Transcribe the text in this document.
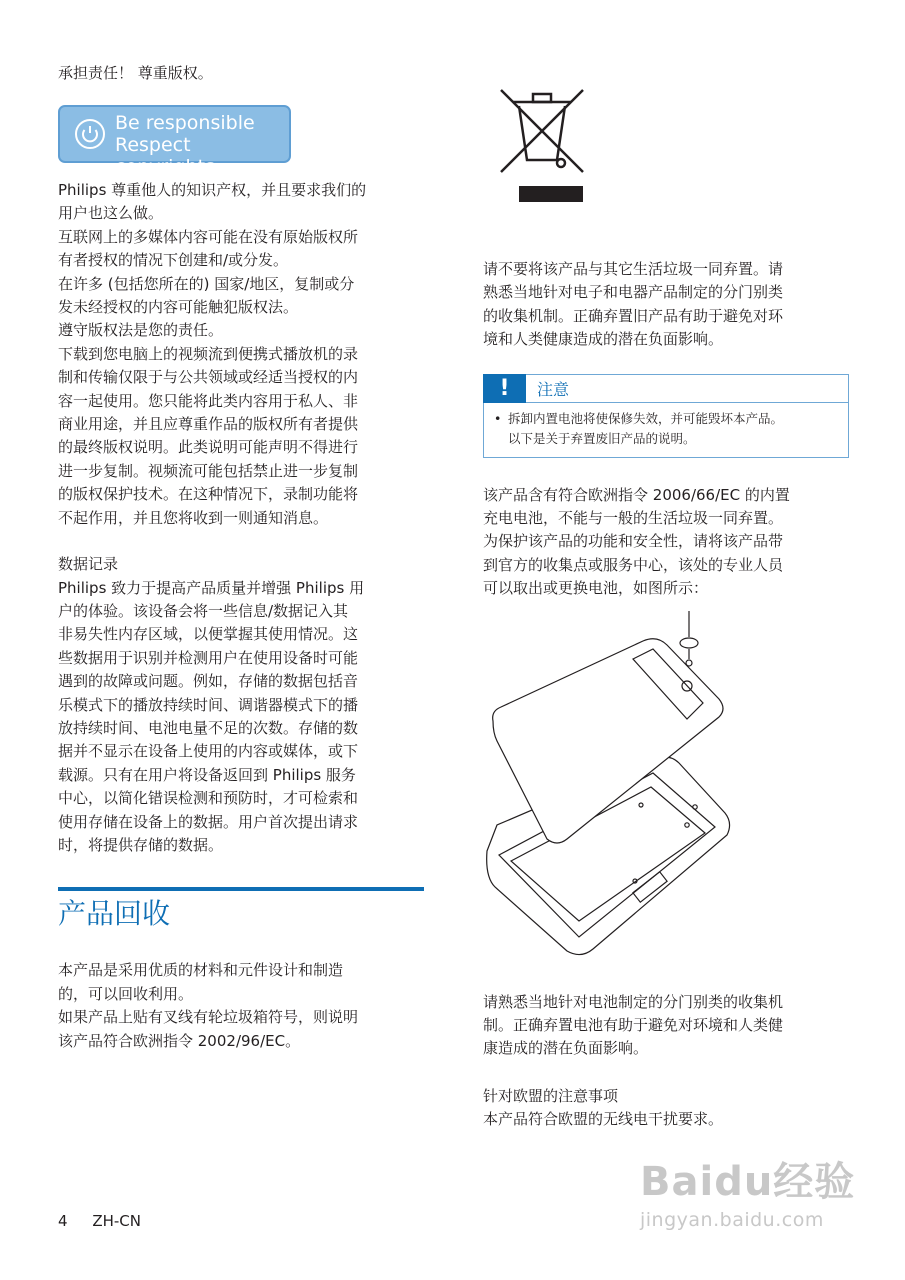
承担责任！ 尊重版权。

Be responsible
Respect copyrights

Philips 尊重他人的知识产权，并且要求我们的

用户也这么做。

互联网上的多媒体内容可能在没有原始版权所

有者授权的情况下创建和/或分发。

在许多 (包括您所在的) 国家/地区，复制或分

发未经授权的内容可能触犯版权法。

遵守版权法是您的责任。

下载到您电脑上的视频流到便携式播放机的录

制和传输仅限于与公共领域或经适当授权的内

容一起使用。您只能将此类内容用于私人、非

商业用途，并且应尊重作品的版权所有者提供

的最终版权说明。此类说明可能声明不得进行

进一步复制。视频流可能包括禁止进一步复制

的版权保护技术。在这种情况下，录制功能将

不起作用，并且您将收到一则通知消息。

数据记录

Philips 致力于提高产品质量并增强 Philips 用

户的体验。该设备会将一些信息/数据记入其

非易失性内存区域，以便掌握其使用情况。这

些数据用于识别并检测用户在使用设备时可能

遇到的故障或问题。例如，存储的数据包括音

乐模式下的播放持续时间、调谐器模式下的播

放持续时间、电池电量不足的次数。存储的数

据并不显示在设备上使用的内容或媒体，或下

载源。只有在用户将设备返回到 Philips 服务

中心，以简化错误检测和预防时，才可检索和

使用存储在设备上的数据。用户首次提出请求

时，将提供存储的数据。

产品回收

本产品是采用优质的材料和元件设计和制造

的，可以回收利用。

如果产品上贴有叉线有轮垃圾箱符号，则说明

该产品符合欧洲指令 2002/96/EC。

请不要将该产品与其它生活垃圾一同弃置。请

熟悉当地针对电子和电器产品制定的分门别类

的收集机制。正确弃置旧产品有助于避免对环

境和人类健康造成的潜在负面影响。

!	注意

• 拆卸内置电池将使保修失效，并可能毁坏本产品。

以下是关于弃置废旧产品的说明。

该产品含有符合欧洲指令 2006/66/EC 的内置

充电电池，不能与一般的生活垃圾一同弃置。

为保护该产品的功能和安全性，请将该产品带

到官方的收集点或服务中心，该处的专业人员

可以取出或更换电池，如图所示：

请熟悉当地针对电池制定的分门别类的收集机

制。正确弃置电池有助于避免对环境和人类健

康造成的潜在负面影响。

针对欧盟的注意事项

本产品符合欧盟的无线电干扰要求。

4 ZH-CN
Baidu经验
jingyan.baidu.com
